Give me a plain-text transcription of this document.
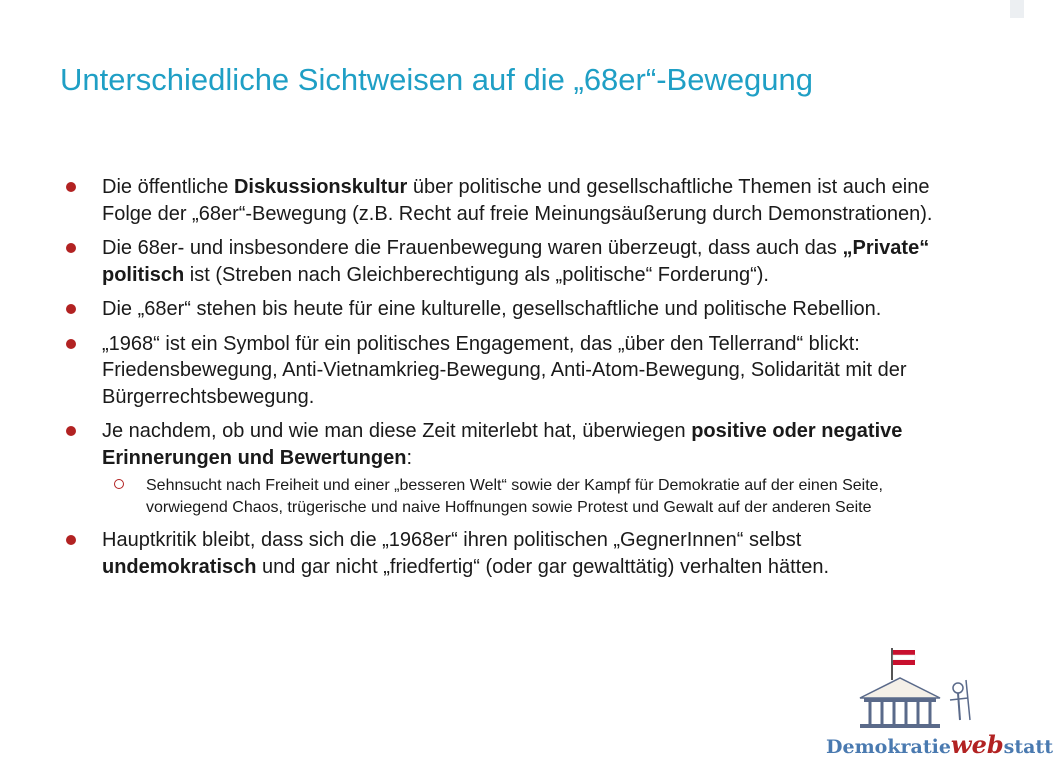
Unterschiedliche Sichtweisen auf die „68er“-Bewegung
Die öffentliche Diskussionskultur über politische und gesellschaftliche Themen ist auch eine Folge der „68er“-Bewegung (z.B. Recht auf freie Meinungsäußerung durch Demonstrationen).
Die 68er- und insbesondere die Frauenbewegung waren überzeugt, dass auch das „Private“ politisch ist (Streben nach Gleichberechtigung als „politische“ Forderung“).
Die „68er“ stehen bis heute für eine kulturelle, gesellschaftliche und politische Rebellion.
„1968“ ist ein Symbol für ein politisches Engagement, das „über den Tellerrand“ blickt: Friedensbewegung, Anti-Vietnamkrieg-Bewegung, Anti-Atom-Bewegung, Solidarität mit der Bürgerrechtsbewegung.
Je nachdem, ob und wie man diese Zeit miterlebt hat, überwiegen positive oder negative Erinnerungen und Bewertungen:
Sehnsucht nach Freiheit und einer „besseren Welt“ sowie der Kampf für Demokratie auf der einen Seite, vorwiegend Chaos, trügerische und naive Hoffnungen sowie Protest und Gewalt auf der anderen Seite
Hauptkritik bleibt, dass sich die „1968er“ ihren politischen „GegnerInnen“ selbst undemokratisch und gar nicht „friedfertig“ (oder gar gewalttätig) verhalten hätten.
Demokratiewebstatt
